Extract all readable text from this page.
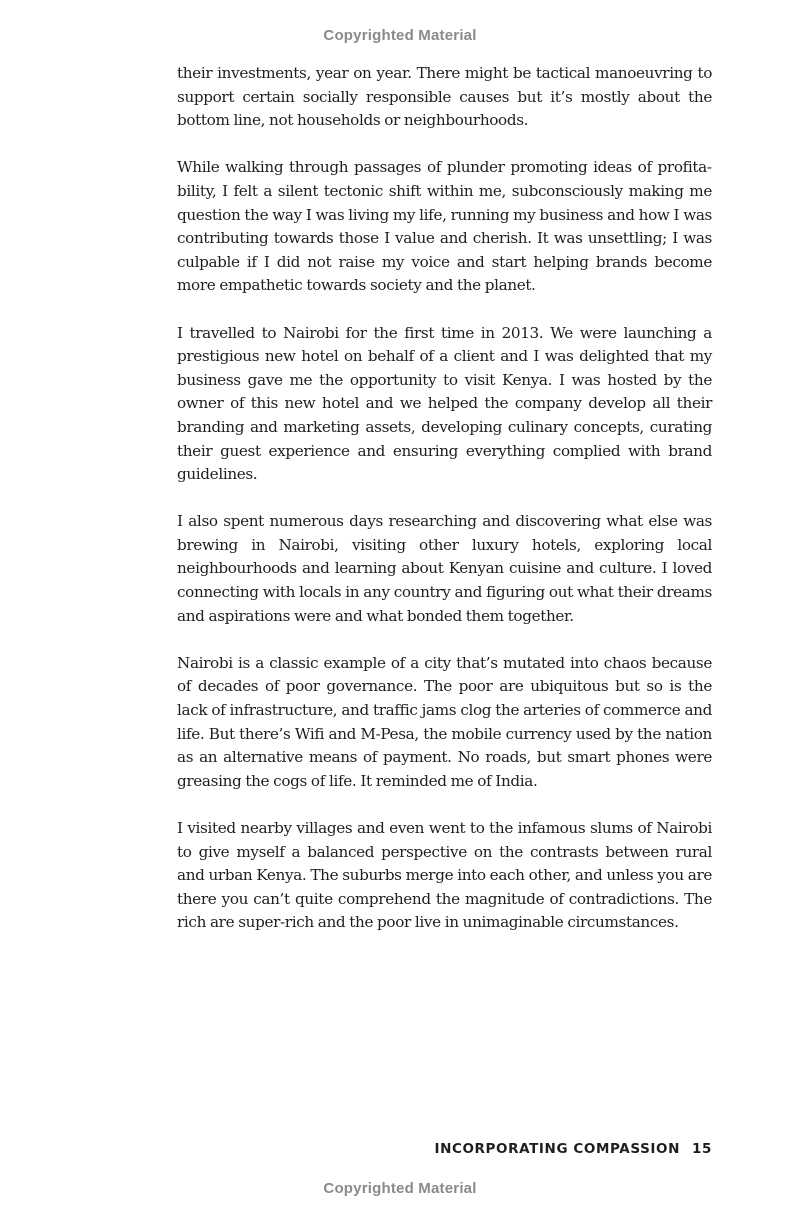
Copyrighted Material

their investments, year on year. There might be tactical manoeuvring to support certain socially responsible causes but it’s mostly about the bottom line, not households or neighbourhoods.

While walking through passages of plunder promoting ideas of profitability, I felt a silent tectonic shift within me, subconsciously making me question the way I was living my life, running my business and how I was contributing towards those I value and cherish. It was unsettling; I was culpable if I did not raise my voice and start helping brands become more empathetic towards society and the planet.

I travelled to Nairobi for the first time in 2013. We were launching a prestigious new hotel on behalf of a client and I was delighted that my business gave me the opportunity to visit Kenya. I was hosted by the owner of this new hotel and we helped the company develop all their branding and marketing assets, developing culinary concepts, curating their guest experience and ensuring everything complied with brand guidelines.

I also spent numerous days researching and discovering what else was brewing in Nairobi, visiting other luxury hotels, exploring local neighbourhoods and learning about Kenyan cuisine and culture. I loved connecting with locals in any country and figuring out what their dreams and aspirations were and what bonded them together.

Nairobi is a classic example of a city that’s mutated into chaos because of decades of poor governance. The poor are ubiquitous but so is the lack of infrastructure, and traffic jams clog the arteries of commerce and life. But there’s Wifi and M-Pesa, the mobile currency used by the nation as an alternative means of payment. No roads, but smart phones were greasing the cogs of life. It reminded me of India.

I visited nearby villages and even went to the infamous slums of Nairobi to give myself a balanced perspective on the contrasts between rural and urban Kenya. The suburbs merge into each other, and unless you are there you can’t quite comprehend the magnitude of contradictions. The rich are super-rich and the poor live in unimaginable circumstances.

INCORPORATING COMPASSION 15
Copyrighted Material
